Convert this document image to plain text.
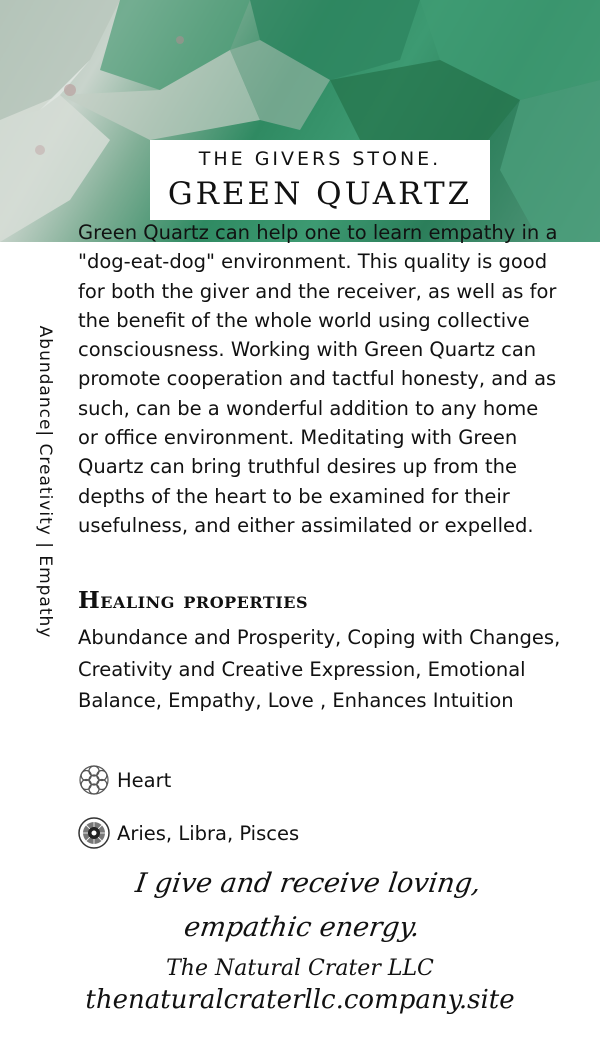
THE GIVERS STONE.
GREEN QUARTZ
Abundance| Creativity | Empathy
Green Quartz can help one to learn empathy in a "dog-eat-dog" environment. This quality is good for both the giver and the receiver, as well as for the benefit of the whole world using collective consciousness. Working with Green Quartz can promote cooperation and tactful honesty, and as such, can be a wonderful addition to any home or office environment. Meditating with Green Quartz can bring truthful desires up from the depths of the heart to be examined for their usefulness, and either assimilated or expelled.
Healing properties
Abundance and Prosperity, Coping with Changes, Creativity and Creative Expression, Emotional Balance, Empathy, Love , Enhances Intuition
Heart
Aries, Libra, Pisces
I give and receive loving, empathic energy.
The Natural Crater LLC
thenaturalcraterllc.company.site
